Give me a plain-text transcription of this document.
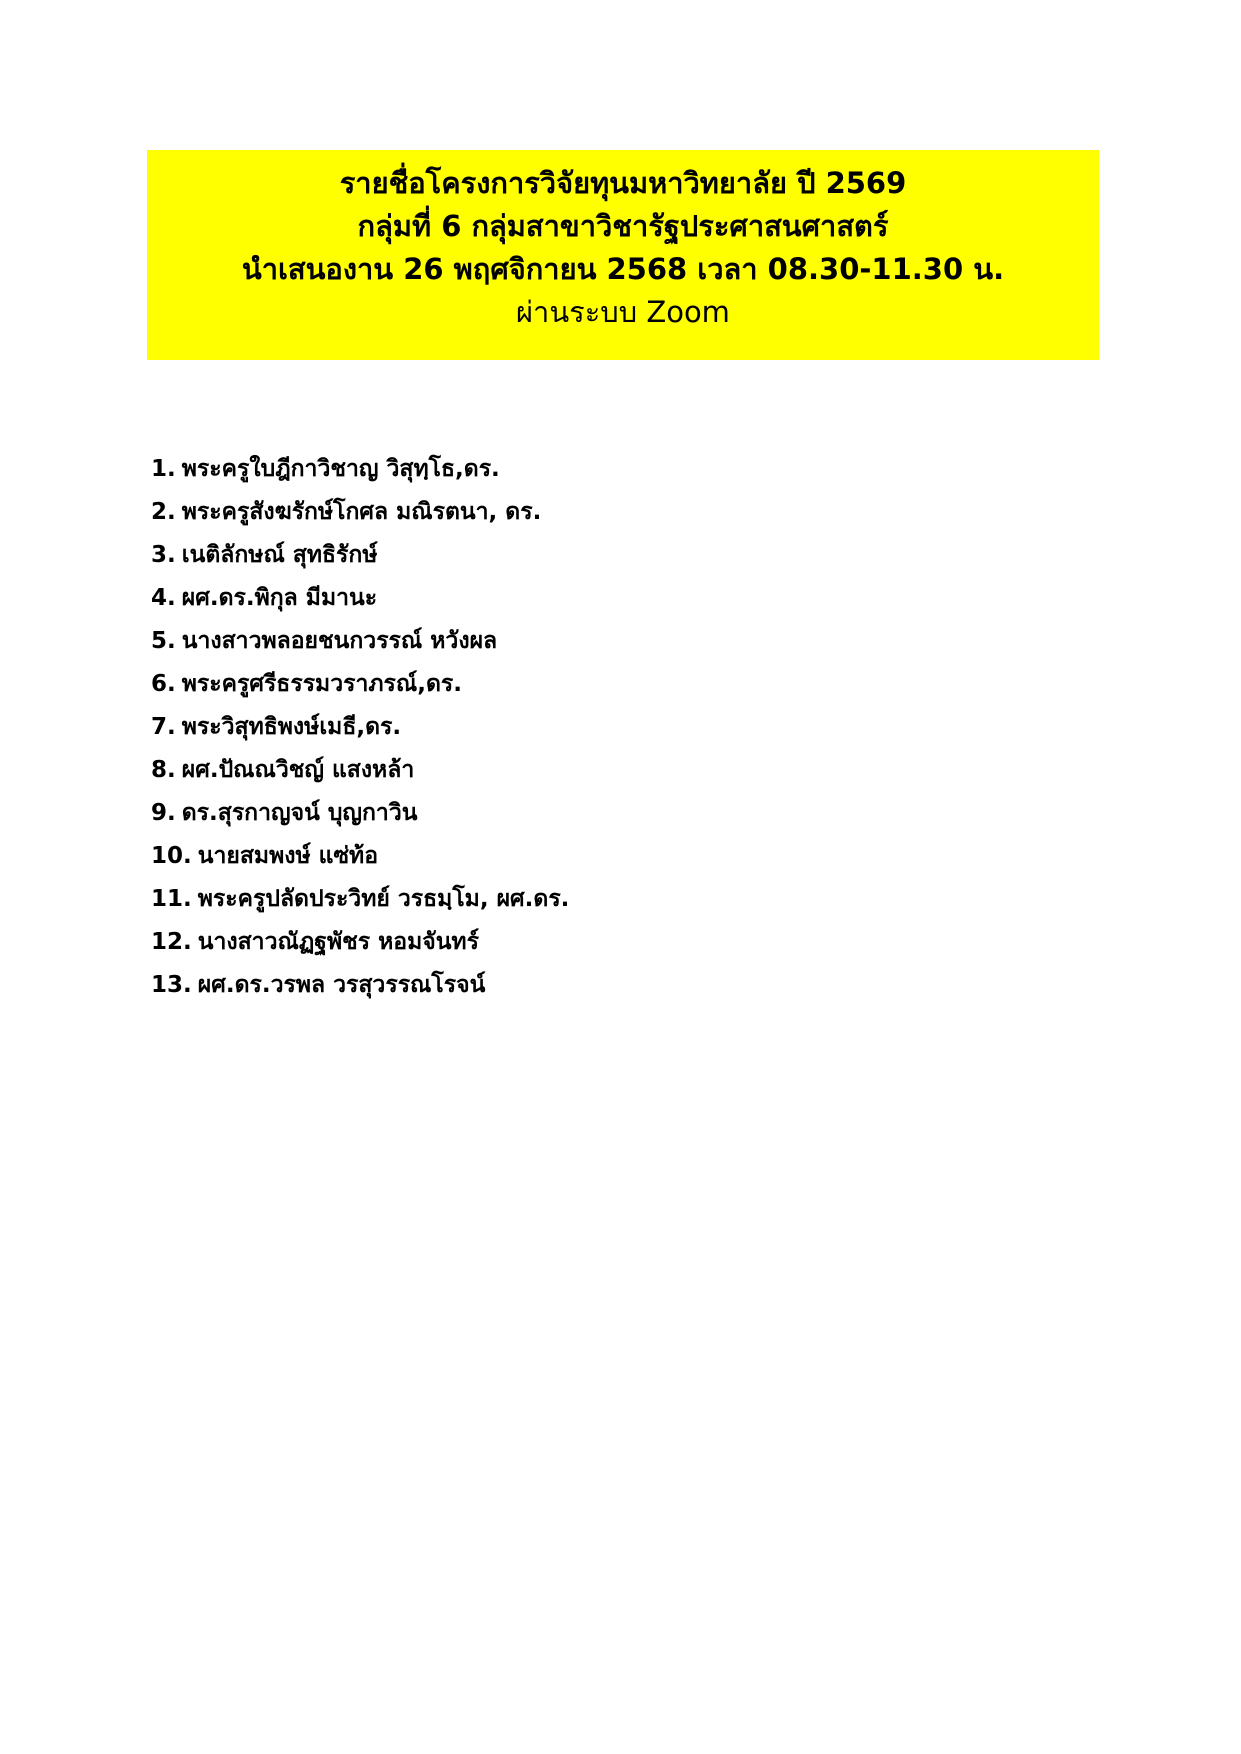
รายชื่อโครงการวิจัยทุนมหาวิทยาลัย ปี 2569
กลุ่มที่ 6 กลุ่มสาขาวิชารัฐประศาสนศาสตร์
นำเสนองาน 26 พฤศจิกายน 2568 เวลา 08.30-11.30 น.
ผ่านระบบ Zoom
1. พระครูใบฎีกาวิชาญ วิสุทฺโธ,ดร.
2. พระครูสังฆรักษ์โกศล มณิรตนา, ดร.
3. เนติลักษณ์ สุทธิรักษ์
4. ผศ.ดร.พิกุล มีมานะ
5. นางสาวพลอยชนกวรรณ์ หวังผล
6. พระครูศรีธรรมวราภรณ์,ดร.
7. พระวิสุทธิพงษ์เมธี,ดร.
8. ผศ.ปัณณวิชญ์ แสงหล้า
9. ดร.สุรกาญจน์ บุญกาวิน
10. นายสมพงษ์ แซ่ท้อ
11. พระครูปลัดประวิทย์ วรธมฺโม, ผศ.ดร.
12. นางสาวณัฏฐพัชร หอมจันทร์
13. ผศ.ดร.วรพล วรสุวรรณโรจน์
